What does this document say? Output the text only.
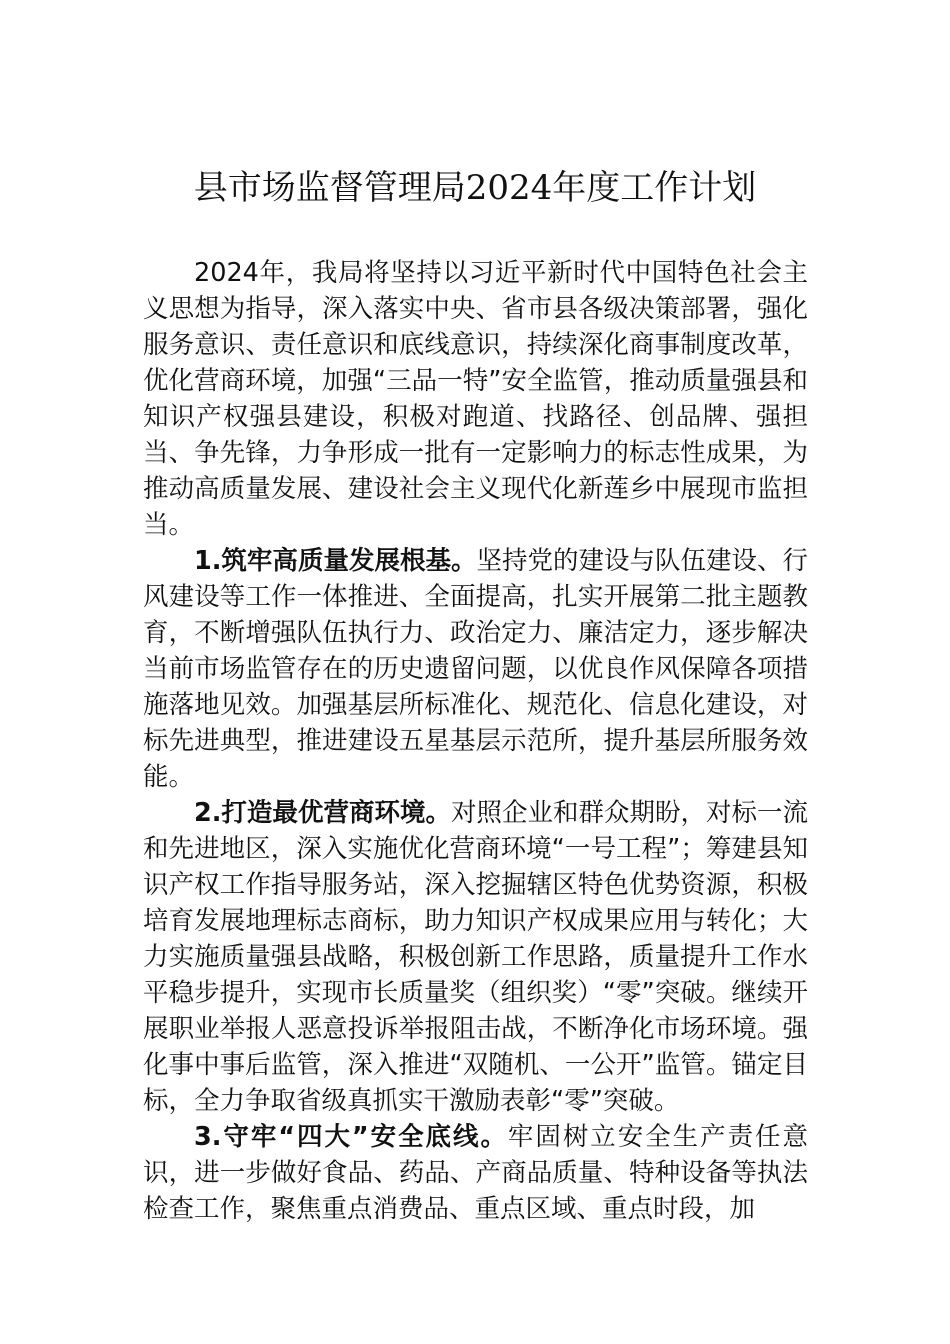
县市场监督管理局2024年度工作计划

2024年，我局将坚持以习近平新时代中国特色社会主义思想为指导，深入落实中央、省市县各级决策部署，强化服务意识、责任意识和底线意识，持续深化商事制度改革，优化营商环境，加强“三品一特”安全监管，推动质量强县和知识产权强县建设，积极对跑道、找路径、创品牌、强担当、争先锋，力争形成一批有一定影响力的标志性成果，为推动高质量发展、建设社会主义现代化新莲乡中展现市监担当。

1.筑牢高质量发展根基。坚持党的建设与队伍建设、行风建设等工作一体推进、全面提高，扎实开展第二批主题教育，不断增强队伍执行力、政治定力、廉洁定力，逐步解决当前市场监管存在的历史遗留问题，以优良作风保障各项措施落地见效。加强基层所标准化、规范化、信息化建设，对标先进典型，推进建设五星基层示范所，提升基层所服务效能。

2.打造最优营商环境。对照企业和群众期盼，对标一流和先进地区，深入实施优化营商环境“一号工程”；筹建县知识产权工作指导服务站，深入挖掘辖区特色优势资源，积极培育发展地理标志商标，助力知识产权成果应用与转化；大力实施质量强县战略，积极创新工作思路，质量提升工作水平稳步提升，实现市长质量奖（组织奖）“零”突破。继续开展职业举报人恶意投诉举报阻击战，不断净化市场环境。强化事中事后监管，深入推进“双随机、一公开”监管。锚定目标，全力争取省级真抓实干激励表彰“零”突破。

3.守牢“四大”安全底线。牢固树立安全生产责任意识，进一步做好食品、药品、产商品质量、特种设备等执法检查工作，聚焦重点消费品、重点区域、重点时段，加
